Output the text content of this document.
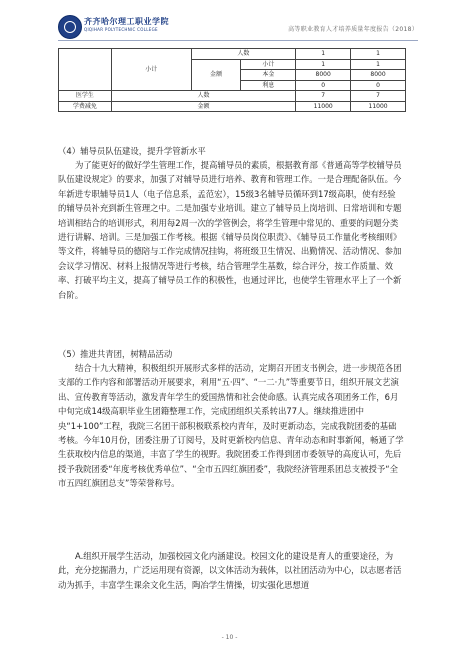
齐齐哈尔理工职业学院
QIQIHAR POLYTECHNIC COLLEGE	高等职业教育人才培养质量年度报告（2018）
	小计	人数		1	1
		金额	小计	1	1
			本金	8000	8000
			利息	0	0
医学生	人数			7	7
学费减免	金额			11000	11000
（4）辅导员队伍建设，提升学管新水平
为了能更好的做好学生管理工作，提高辅导员的素质，根据教育部《普通高等学校辅导员队伍建设规定》的要求，加强了对辅导员进行培养、教育和管理工作。一是合理配备队伍。今年新进专职辅导员1人（电子信息系，孟范宏），15级3名辅导员循环到17级高职，使有经验的辅导员补充到新生管理之中。二是加强专业培训。建立了辅导员上岗培训、日常培训和专题培训相结合的培训形式，利用每2周一次的学管例会，将学生管理中常见的、重要的问题分类进行讲解、培训。三是加强工作考核。根据《辅导员岗位职责》、《辅导员工作量化考核细则》等文件，将辅导员的德陪与工作完成情况挂钩，将班级卫生情况、出勤情况、活动情况、参加会议学习情况、材料上报情况等进行考核，结合管理学生基数，综合评分，按工作质量、效率、打破平均主义，提高了辅导员工作的积极性，也通过评比，也使学生管理水平上了一个新台阶。
（5）推进共青团，树精品活动
结合十九大精神，积极组织开展形式多样的活动，定期召开团支书例会，进一步规范各团支部的工作内容和部署活动开展要求，利用“五·四”、“一二·九”等重要节日，组织开展文艺演出、宣传教育等活动，激发青年学生的爱国热情和社会使命感。认真完成各项团务工作，6月中旬完成14级高职毕业生团籍整理工作，完成团组织关系转出77人。继续推进团中央“1+100”工程，我院三名团干部积极联系校内青年，及时更新动态，完成我院团委的基础考核。今年10月份，团委注册了订阅号，及时更新校内信息、青年动态和时事新闻，畅通了学生获取校内信息的渠道，丰富了学生的视野。我院团委工作得到团市委领导的高度认可，先后授予我院团委“年度考核优秀单位”、“全市五四红旗团委”，我院经济管理系团总支被授予“全市五四红旗团总支”等荣誉称号。
A.组织开展学生活动，加强校园文化内涵建设。校园文化的建设是育人的重要途径，为此，充分挖掘潜力，广泛运用现有资源，以文体活动为载体，以社团活动为中心，以志愿者活动为抓手，丰富学生课余文化生活，陶冶学生情操，切实强化思想道
- 10 -
